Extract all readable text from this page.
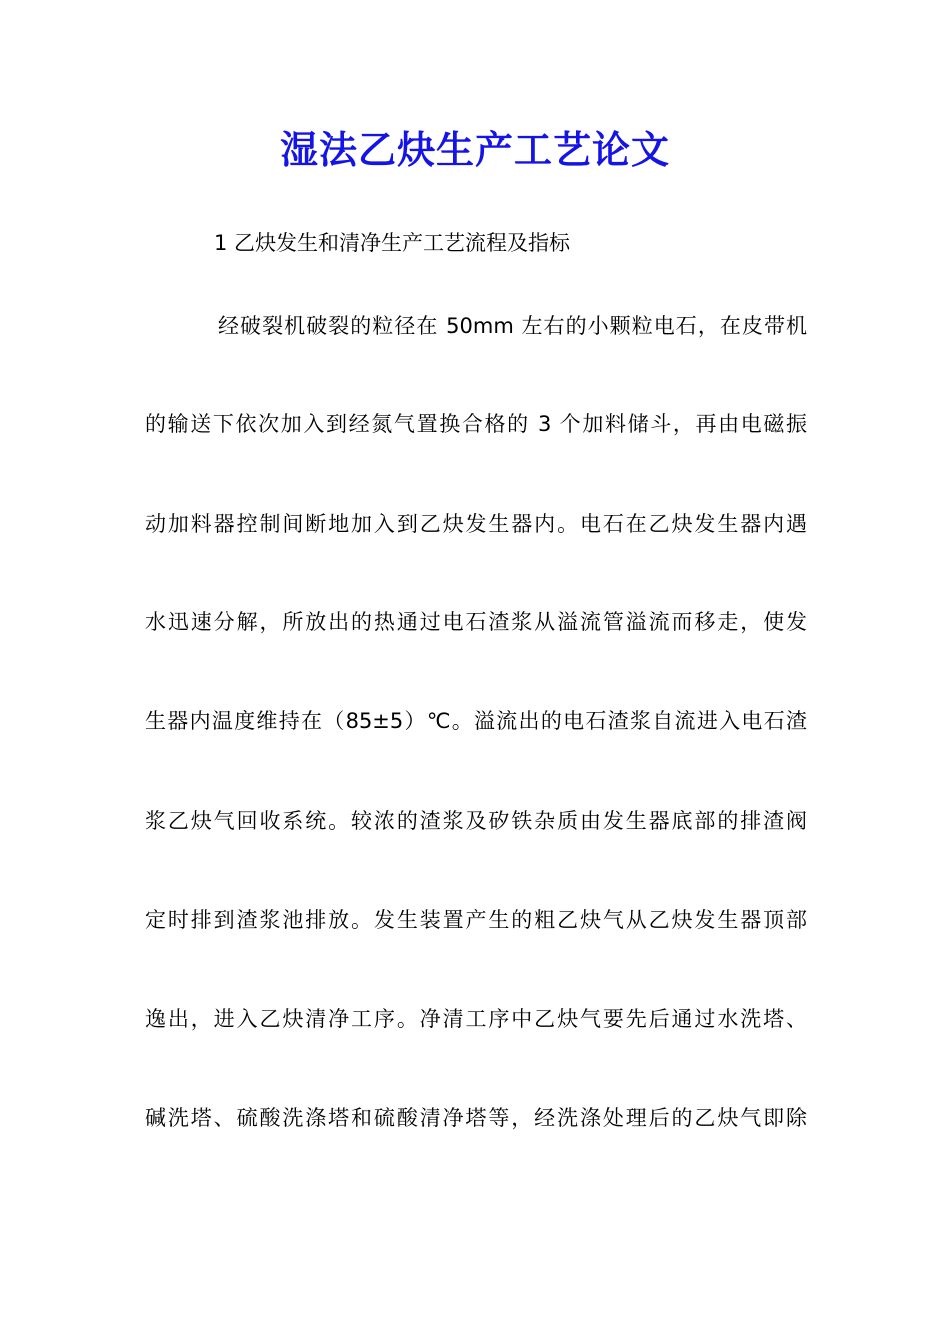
湿法乙炔生产工艺论文
1 乙炔发生和清净生产工艺流程及指标
经破裂机破裂的粒径在 50mm 左右的小颗粒电石，在皮带机
的输送下依次加入到经氮气置换合格的 3 个加料储斗，再由电磁振
动加料器控制间断地加入到乙炔发生器内。电石在乙炔发生器内遇
水迅速分解，所放出的热通过电石渣浆从溢流管溢流而移走，使发
生器内温度维持在（85±5）℃。溢流出的电石渣浆自流进入电石渣
浆乙炔气回收系统。较浓的渣浆及矽铁杂质由发生器底部的排渣阀
定时排到渣浆池排放。发生装置产生的粗乙炔气从乙炔发生器顶部
逸出，进入乙炔清净工序。净清工序中乙炔气要先后通过水洗塔、
碱洗塔、硫酸洗涤塔和硫酸清净塔等，经洗涤处理后的乙炔气即除
